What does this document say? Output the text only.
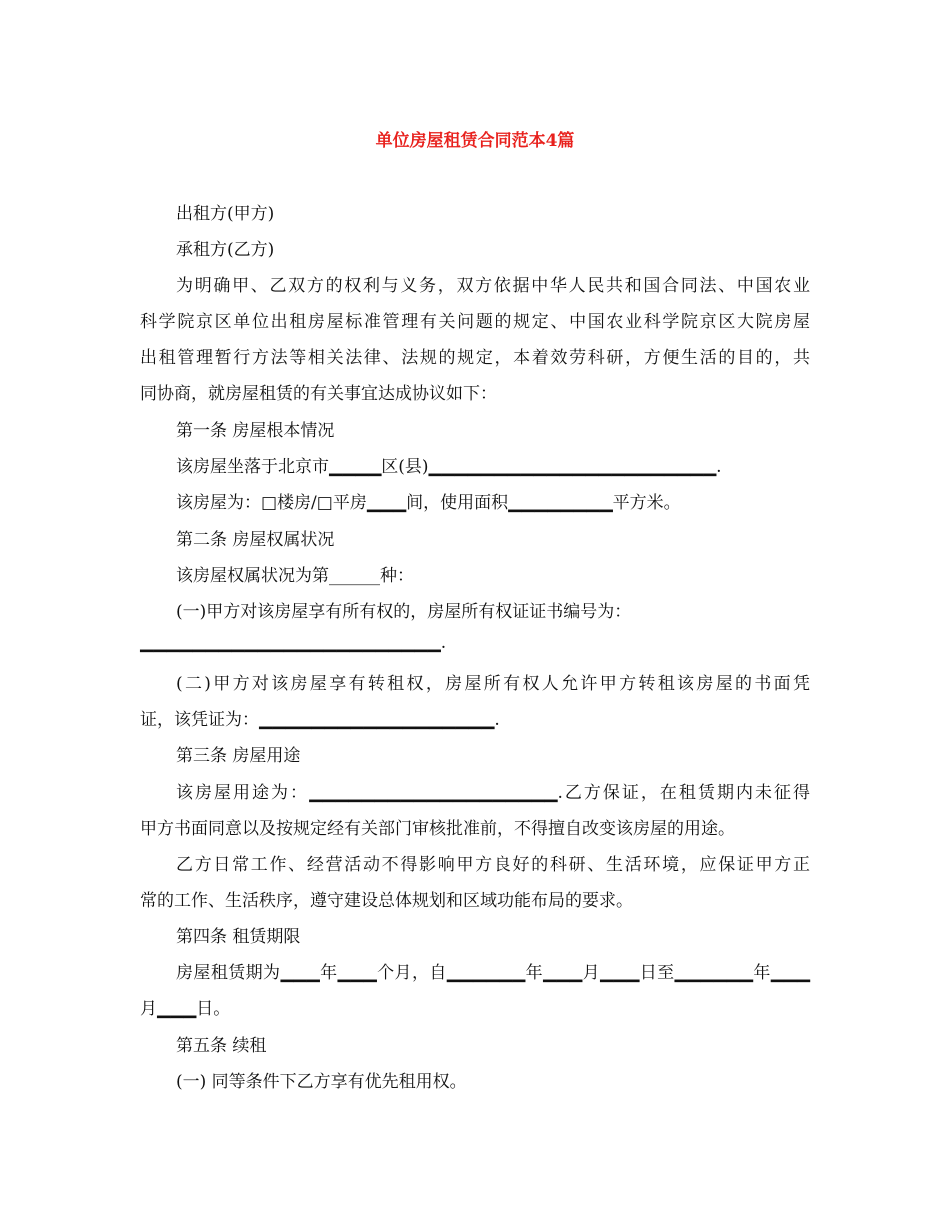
单位房屋租赁合同范本4篇
出租方(甲方)
承租方(乙方)
为明确甲、乙双方的权利与义务，双方依据中华人民共和国合同法、中国农业
科学院京区单位出租房屋标准管理有关问题的规定、中国农业科学院京区大院房屋
出租管理暂行方法等相关法律、法规的规定，本着效劳科研，方便生活的目的，共
同协商，就房屋租赁的有关事宜达成协议如下：
第一条 房屋根本情况
该房屋坐落于北京市▁▁▁▁区(县)▁▁▁▁▁▁▁▁▁▁▁▁▁▁▁▁▁▁▁▁▁▁.
该房屋为：□楼房/□平房▁▁▁间，使用面积▁▁▁▁▁▁▁▁平方米。
第二条 房屋权属状况
该房屋权属状况为第______种：
(一)甲方对该房屋享有所有权的，房屋所有权证证书编号为：
▁▁▁▁▁▁▁▁▁▁▁▁▁▁▁▁▁▁▁▁▁▁▁.
(二)甲方对该房屋享有转租权，房屋所有权人允许甲方转租该房屋的书面凭
证，该凭证为：▁▁▁▁▁▁▁▁▁▁▁▁▁▁▁▁▁▁.
第三条 房屋用途
该房屋用途为：▁▁▁▁▁▁▁▁▁▁▁▁▁▁▁▁▁▁▁.乙方保证，在租赁期内未征得
甲方书面同意以及按规定经有关部门审核批准前，不得擅自改变该房屋的用途。
乙方日常工作、经营活动不得影响甲方良好的科研、生活环境，应保证甲方正
常的工作、生活秩序，遵守建设总体规划和区域功能布局的要求。
第四条 租赁期限
房屋租赁期为▁▁▁年▁▁▁个月，自▁▁▁▁▁▁年▁▁▁月▁▁▁日至▁▁▁▁▁▁年▁▁▁
月▁▁▁日。
第五条 续租
(一) 同等条件下乙方享有优先租用权。
